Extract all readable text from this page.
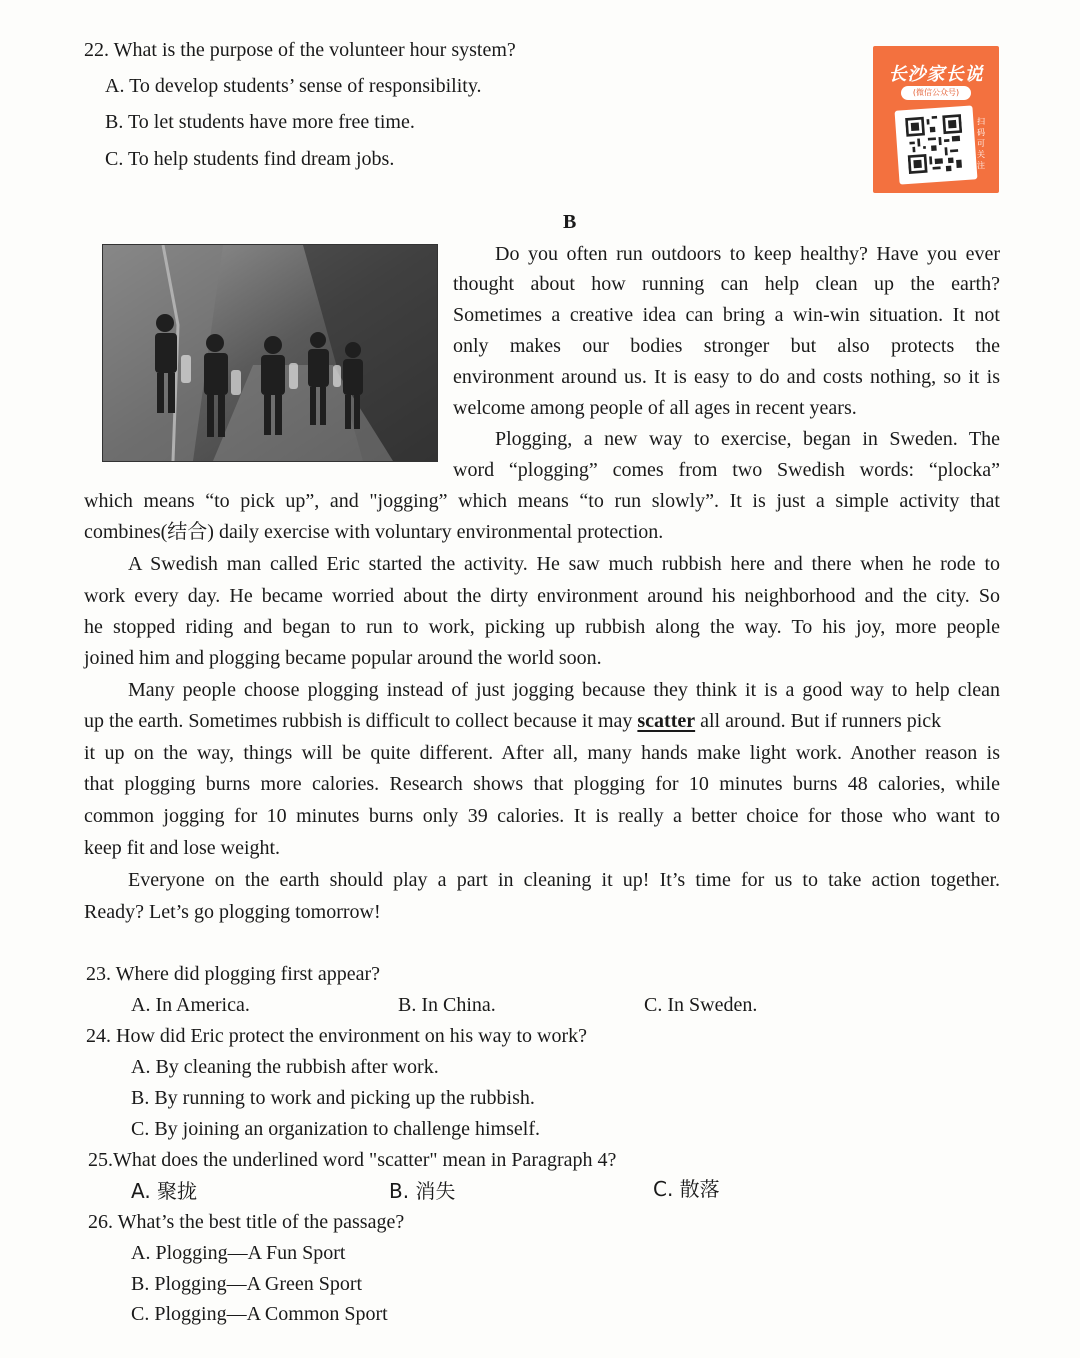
22. What is the purpose of the volunteer hour system?
A. To develop students’ sense of responsibility.
B. To let students have more free time.
C. To help students find dream jobs.
长沙家长说
(微信公众号)
扫码可关注
B
Do you often run outdoors to keep healthy? Have you ever
thought about how running can help clean up the earth?
Sometimes a creative idea can bring a win-win situation. It not
only makes our bodies stronger but also protects the
environment around us. It is easy to do and costs nothing, so it is
welcome among people of all ages in recent years.
Plogging, a new way to exercise, began in Sweden. The
word “plogging” comes from two Swedish words: “plocka”
which means “to pick up”, and "jogging” which means “to run slowly”. It is just a simple activity that
combines(结合) daily exercise with voluntary environmental protection.
A Swedish man called Eric started the activity. He saw much rubbish here and there when he rode to
work every day. He became worried about the dirty environment around his neighborhood and the city. So
he stopped riding and began to run to work, picking up rubbish along the way. To his joy, more people
joined him and plogging became popular around the world soon.
Many people choose plogging instead of just jogging because they think it is a good way to help clean
up the earth. Sometimes rubbish is difficult to collect because it may scatter all around. But if runners pick
it up on the way, things will be quite different. After all, many hands make light work. Another reason is
that plogging burns more calories. Research shows that plogging for 10 minutes burns 48 calories, while
common jogging for 10 minutes burns only 39 calories. It is really a better choice for those who want to
keep fit and lose weight.
Everyone on the earth should play a part in cleaning it up! It’s time for us to take action together.
Ready? Let’s go plogging tomorrow!
23. Where did plogging first appear?
A. In America.	B. In China.	C. In Sweden.
24. How did Eric protect the environment on his way to work?
A. By cleaning the rubbish after work.
B. By running to work and picking up the rubbish.
C. By joining an organization to challenge himself.
25.What does the underlined word "scatter" mean in Paragraph 4?
A. 聚拢	B. 消失	C. 散落
26. What’s the best title of the passage?
A. Plogging—A Fun Sport
B. Plogging—A Green Sport
C. Plogging—A Common Sport
